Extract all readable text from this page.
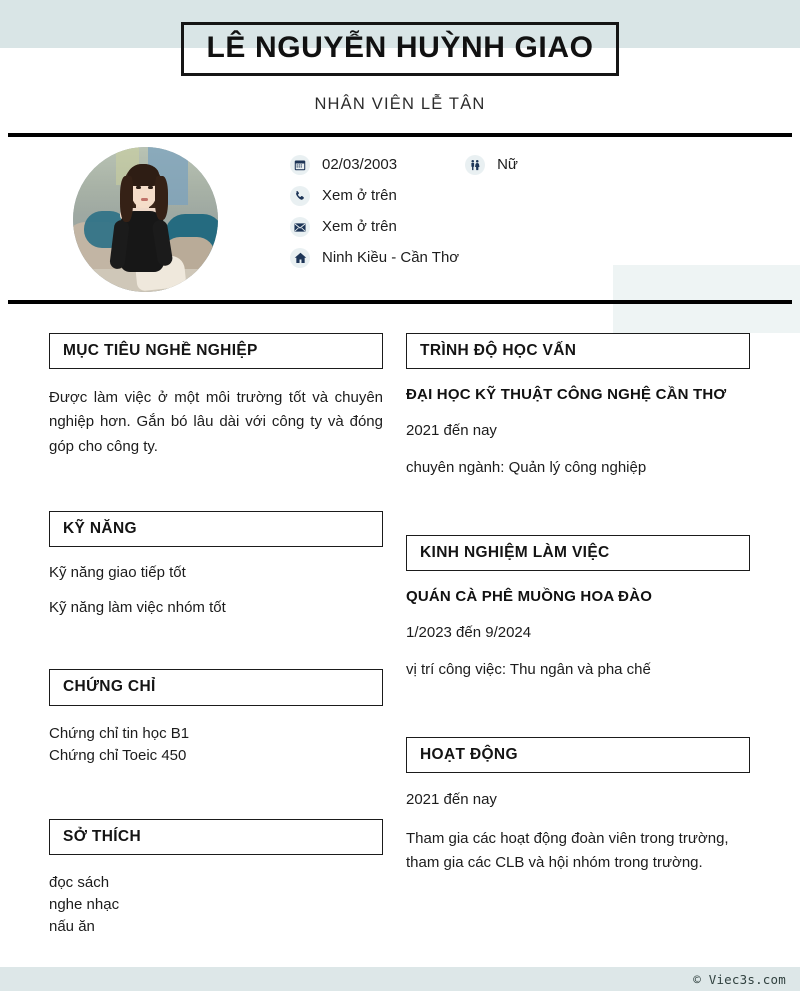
LÊ NGUYỄN HUỲNH GIAO
NHÂN VIÊN LỄ TÂN
02/03/2003	Nữ
Xem ở trên
Xem ở trên
Ninh Kiều - Cần Thơ
MỤC TIÊU NGHỀ NGHIỆP

Được làm việc ở một môi trường tốt và chuyên nghiệp hơn. Gắn bó lâu dài với công ty và đóng góp cho công ty.

KỸ NĂNG
Kỹ năng giao tiếp tốt
Kỹ năng làm việc nhóm tốt
CHỨNG CHỈ
Chứng chỉ tin học B1
Chứng chỉ Toeic 450
SỞ THÍCH
đọc sách
nghe nhạc
nấu ăn
TRÌNH ĐỘ HỌC VẤN
ĐẠI HỌC KỸ THUẬT CÔNG NGHỆ CẦN THƠ
2021 đến nay
chuyên ngành: Quản lý công nghiệp
KINH NGHIỆM LÀM VIỆC
QUÁN CÀ PHÊ MUỒNG HOA ĐÀO
1/2023 đến 9/2024
vị trí công việc: Thu ngân và pha chế
HOẠT ĐỘNG
2021 đến nay

Tham gia các hoạt động đoàn viên trong trường, tham gia các CLB và hội nhóm trong trường.

© Viec3s.com
